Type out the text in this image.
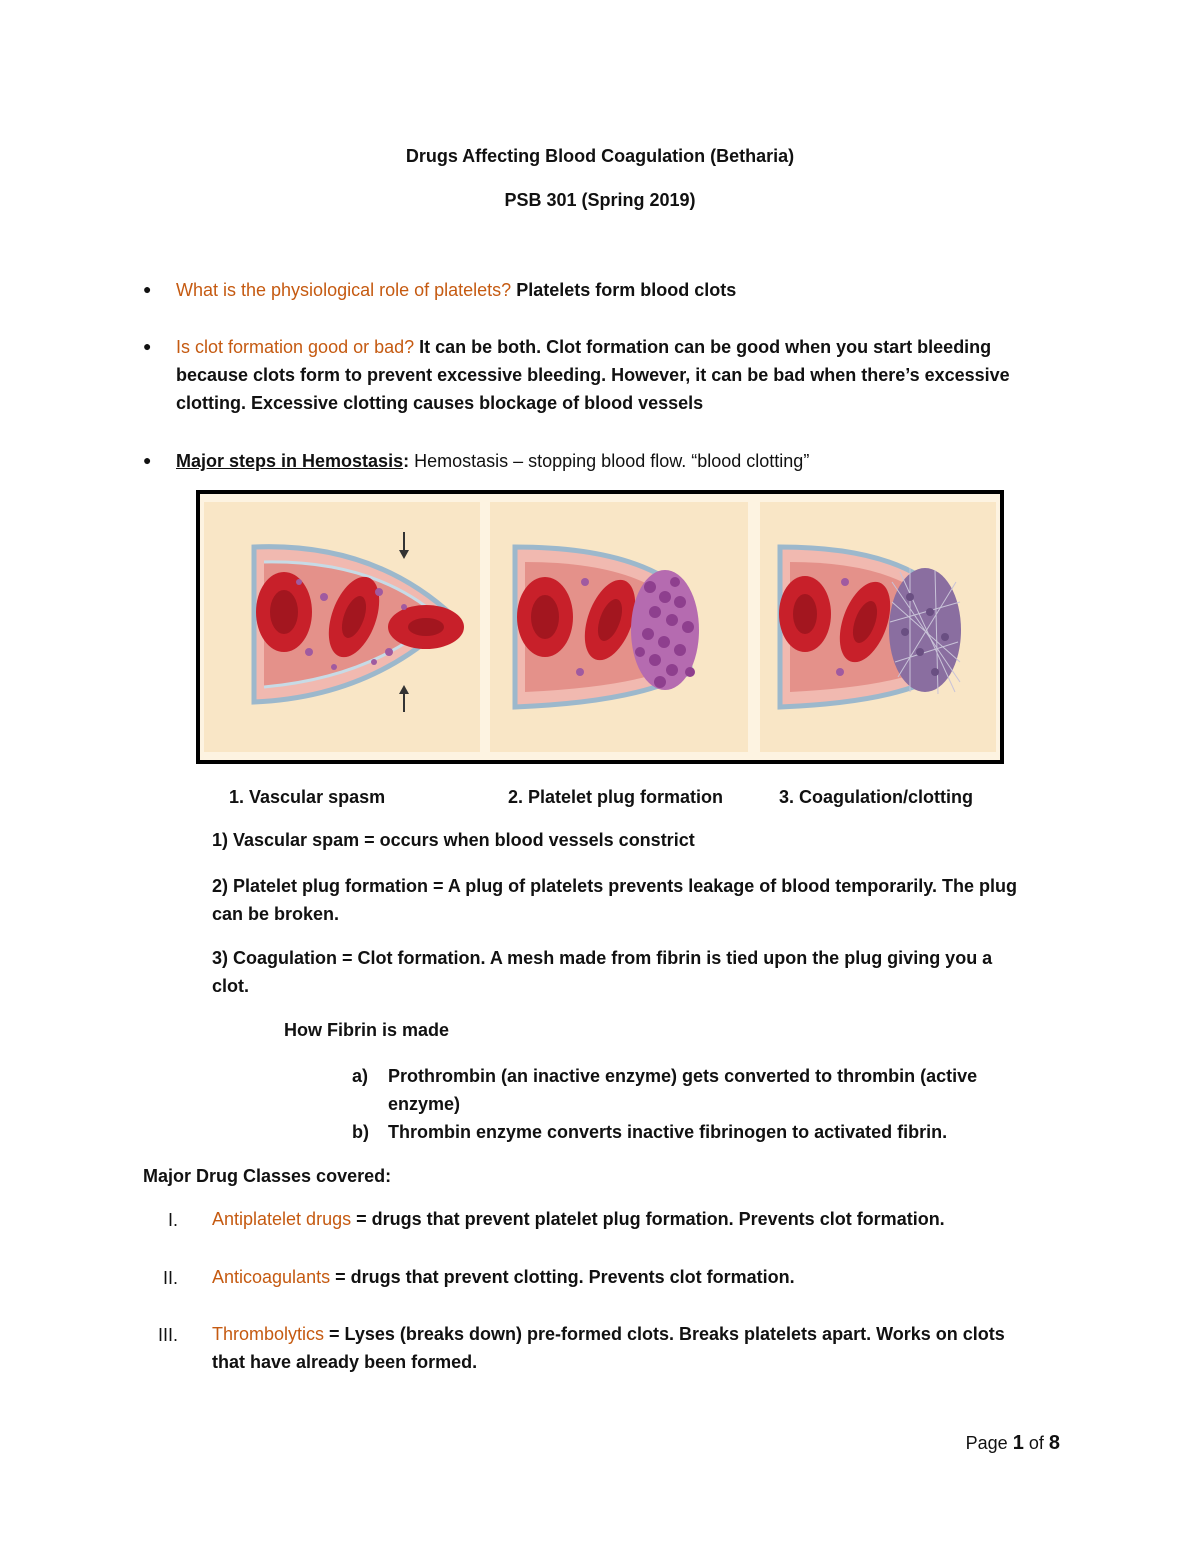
Drugs Affecting Blood Coagulation (Betharia)
PSB 301 (Spring 2019)
● What is the physiological role of platelets? Platelets form blood clots
● Is clot formation good or bad? It can be both. Clot formation can be good when you start bleeding
because clots form to prevent excessive bleeding. However, it can be bad when there’s excessive
clotting. Excessive clotting causes blockage of blood vessels
● Major steps in Hemostasis: Hemostasis – stopping blood flow. “blood clotting”
1. Vascular spasm	2. Platelet plug formation	3. Coagulation/clotting
1) Vascular spam = occurs when blood vessels constrict
2) Platelet plug formation = A plug of platelets prevents leakage of blood temporarily. The plug
can be broken.
3) Coagulation = Clot formation. A mesh made from fibrin is tied upon the plug giving you a
clot.
How Fibrin is made
a) Prothrombin (an inactive enzyme) gets converted to thrombin (active
enzyme)
b) Thrombin enzyme converts inactive fibrinogen to activated fibrin.
Major Drug Classes covered:
I. Antiplatelet drugs = drugs that prevent platelet plug formation. Prevents clot formation.
II. Anticoagulants = drugs that prevent clotting. Prevents clot formation.
III. Thrombolytics = Lyses (breaks down) pre-formed clots. Breaks platelets apart. Works on clots
that have already been formed.
Page 1 of 8
